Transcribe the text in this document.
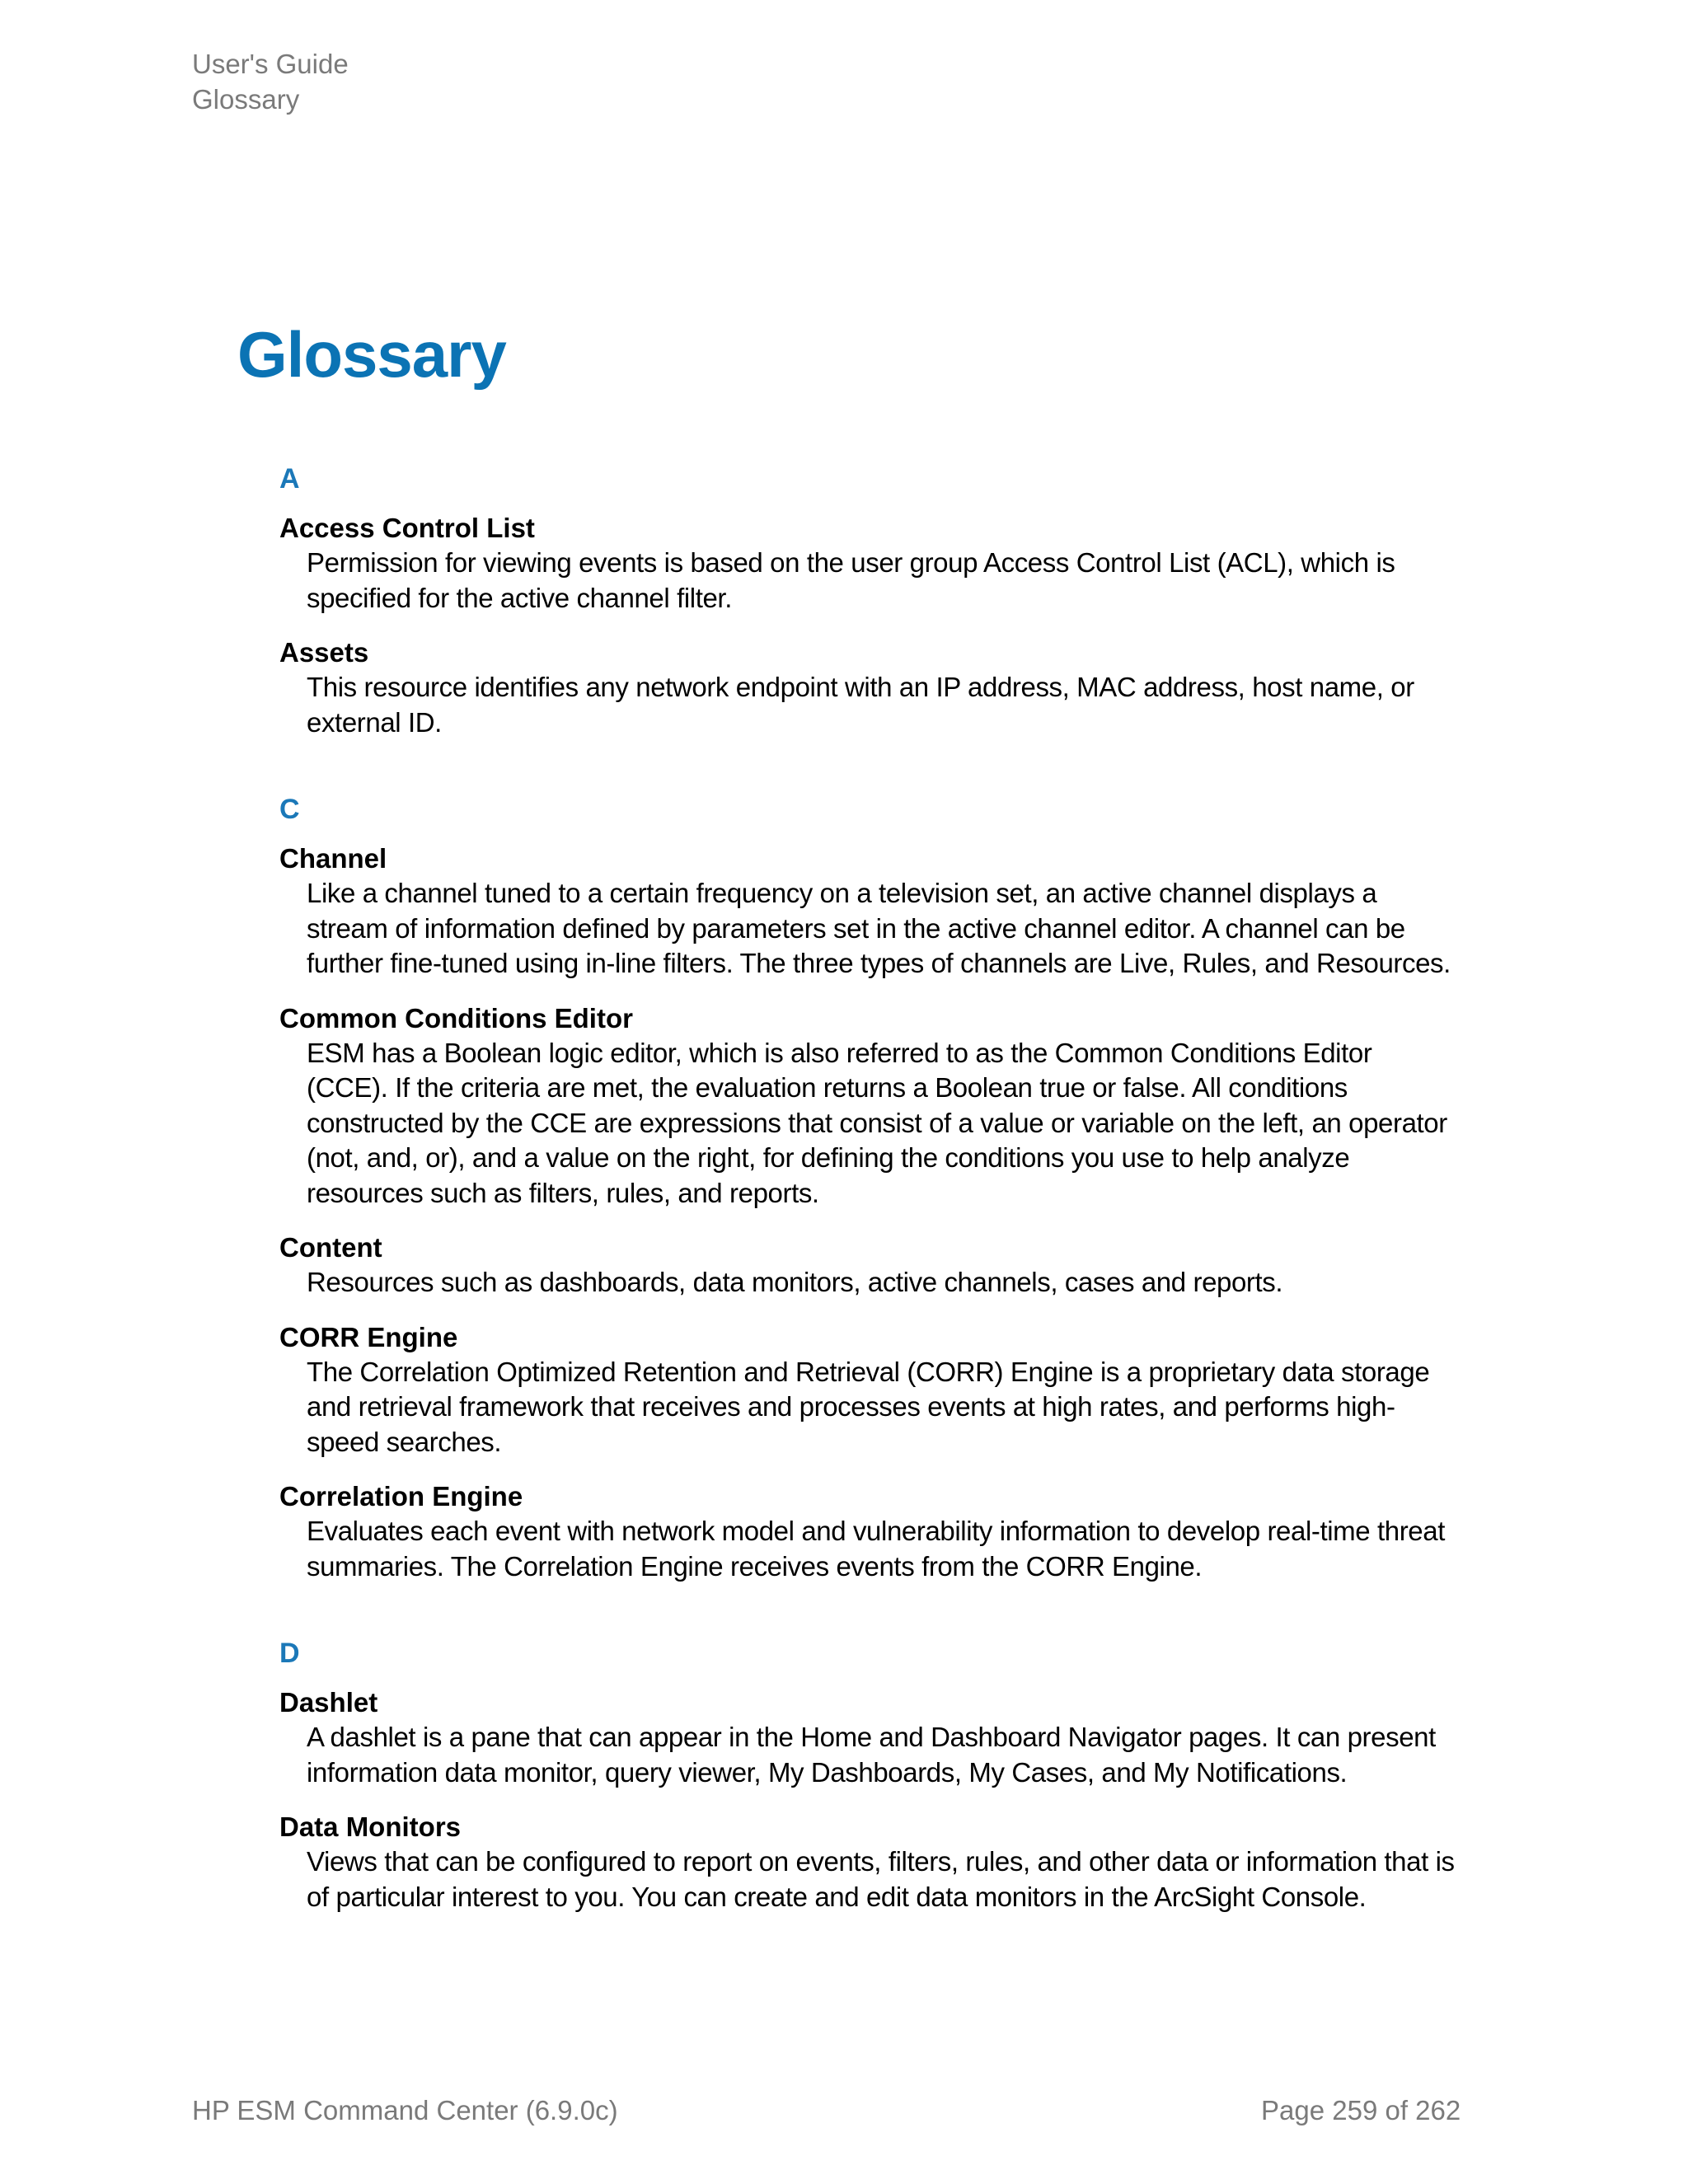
User's Guide
Glossary
Glossary
A
Access Control List
Permission for viewing events is based on the user group Access Control List (ACL), which is specified for the active channel filter.
Assets
This resource identifies any network endpoint with an IP address, MAC address, host name, or external ID.
C
Channel
Like a channel tuned to a certain frequency on a television set, an active channel displays a stream of information defined by parameters set in the active channel editor. A channel can be further fine-tuned using in-line filters. The three types of channels are Live, Rules, and Resources.
Common Conditions Editor
ESM has a Boolean logic editor, which is also referred to as the Common Conditions Editor (CCE). If the criteria are met, the evaluation returns a Boolean true or false. All conditions constructed by the CCE are expressions that consist of a value or variable on the left, an operator (not, and, or), and a value on the right, for defining the conditions you use to help analyze resources such as filters, rules, and reports.
Content
Resources such as dashboards, data monitors, active channels, cases and reports.
CORR Engine
The Correlation Optimized Retention and Retrieval (CORR) Engine is a proprietary data storage and retrieval framework that receives and processes events at high rates, and performs high-speed searches.
Correlation Engine
Evaluates each event with network model and vulnerability information to develop real-time threat summaries. The Correlation Engine receives events from the CORR Engine.
D
Dashlet
A dashlet is a pane that can appear in the Home and Dashboard Navigator pages. It can present information data monitor, query viewer, My Dashboards, My Cases, and My Notifications.
Data Monitors
Views that can be configured to report on events, filters, rules, and other data or information that is of particular interest to you. You can create and edit data monitors in the ArcSight Console.
HP ESM Command Center (6.9.0c)	Page 259 of 262
